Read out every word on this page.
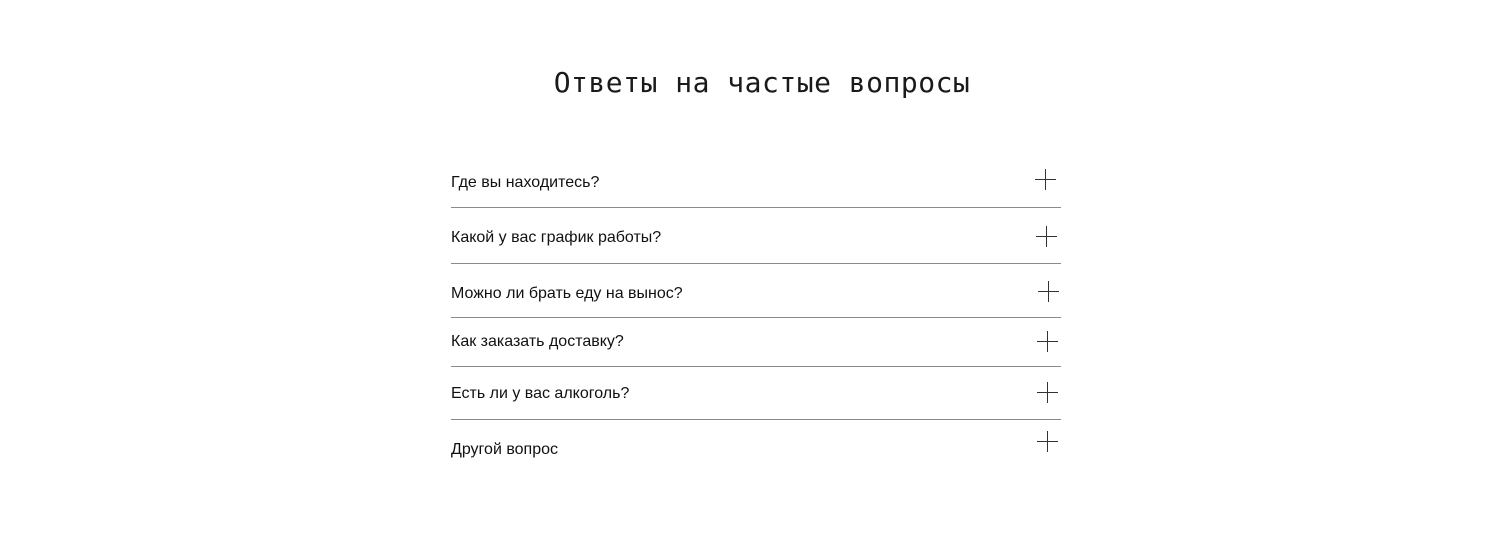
Ответы на частые вопросы
Где вы находитесь?
Какой у вас график работы?
Можно ли брать еду на вынос?
Как заказать доставку?
Есть ли у вас алкоголь?
Другой вопрос
